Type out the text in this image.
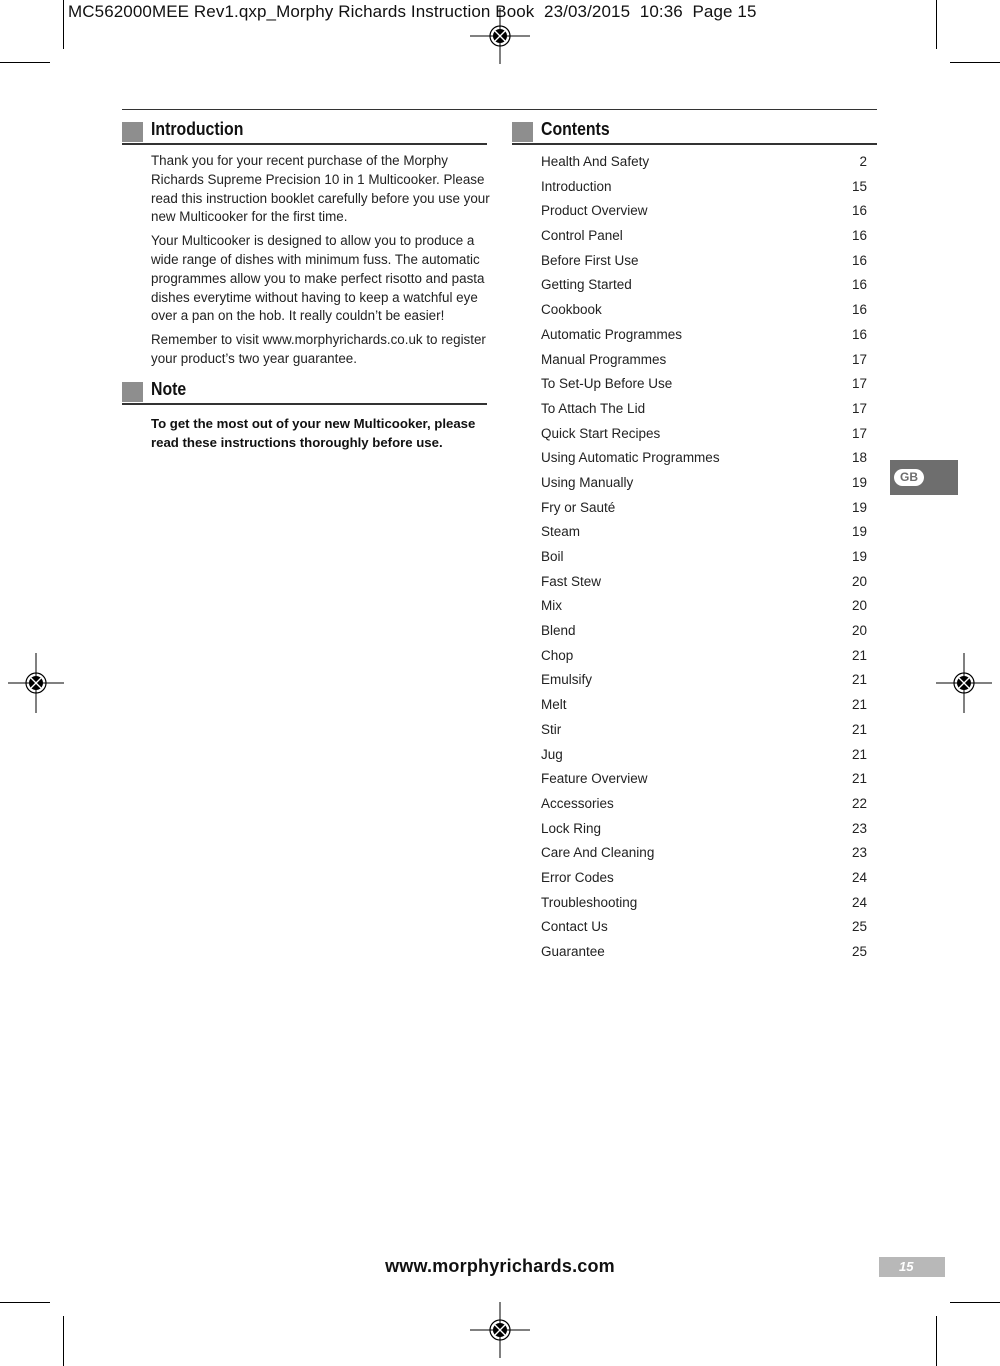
MC562000MEE Rev1.qxp_Morphy Richards Instruction Book  23/03/2015  10:36  Page 15
Introduction

Thank you for your recent purchase of the Morphy Richards Supreme Precision 10 in 1 Multicooker. Please read this instruction booklet carefully before you use your new Multicooker for the first time.

Your Multicooker is designed to allow you to produce a wide range of dishes with minimum fuss. The automatic programmes allow you to make perfect risotto and pasta dishes everytime without having to keep a watchful eye over a pan on the hob. It really couldn’t be easier!

Remember to visit www.morphyrichards.co.uk to register your product’s two year guarantee.

Note
To get the most out of your new Multicooker, please read these instructions thoroughly before use.
Contents
Health And Safety	2
Introduction	15
Product Overview	16
Control Panel	16
Before First Use	16
Getting Started	16
Cookbook	16
Automatic Programmes	16
Manual Programmes	17
To Set-Up Before Use	17
To Attach The Lid	17
Quick Start Recipes	17
Using Automatic Programmes	18
Using Manually	19
Fry or Sauté	19
Steam	19
Boil	19
Fast Stew	20
Mix	20
Blend	20
Chop	21
Emulsify	21
Melt	21
Stir	21
Jug	21
Feature Overview	21
Accessories	22
Lock Ring	23
Care And Cleaning	23
Error Codes	24
Troubleshooting	24
Contact Us	25
Guarantee	25
GB
www.morphyrichards.com	15
